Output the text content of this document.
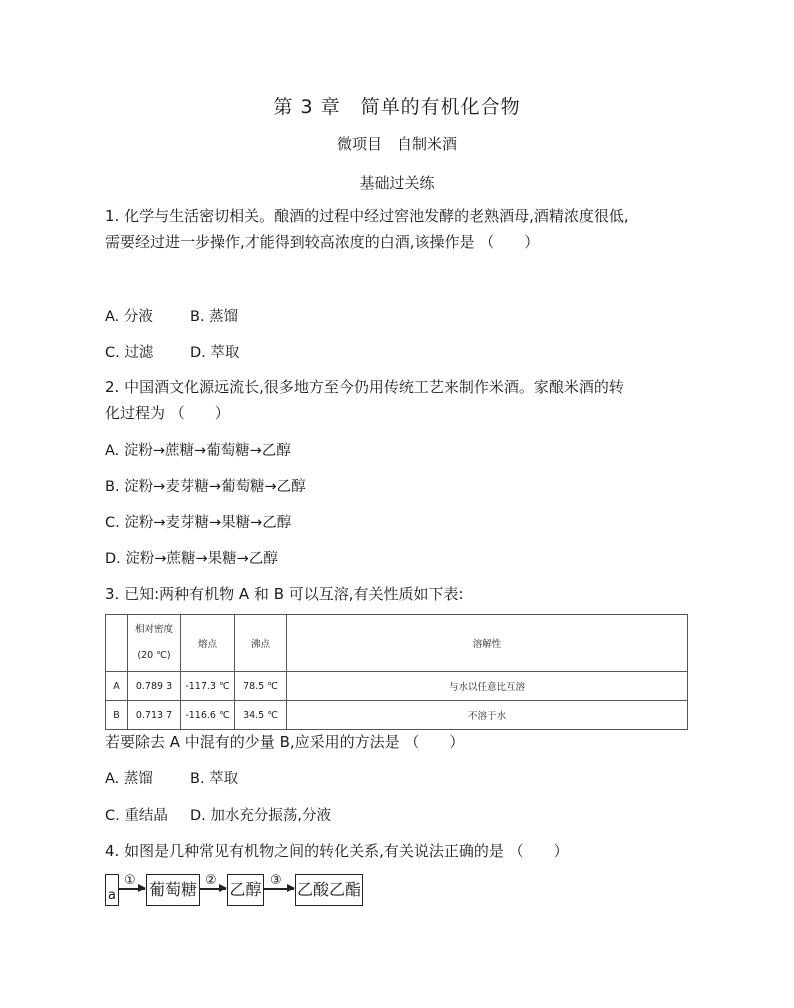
第 3 章　简单的有机化合物
微项目　自制米酒
基础过关练
1. 化学与生活密切相关。酿酒的过程中经过窖池发酵的老熟酒母,酒精浓度很低,
需要经过进一步操作,才能得到较高浓度的白酒,该操作是 （　　）
A. 分液	B. 蒸馏
C. 过滤	D. 萃取
2. 中国酒文化源远流长,很多地方至今仍用传统工艺来制作米酒。家酿米酒的转
化过程为 （　　）
A. 淀粉→蔗糖→葡萄糖→乙醇
B. 淀粉→麦芽糖→葡萄糖→乙醇
C. 淀粉→麦芽糖→果糖→乙醇
D. 淀粉→蔗糖→果糖→乙醇
3. 已知:两种有机物 A 和 B 可以互溶,有关性质如下表:

	相对密度
(20 ℃)	熔点	沸点	溶解性
A	0.789 3	-117.3 ℃	78.5 ℃	与水以任意比互溶
B	0.713 7	-116.6 ℃	34.5 ℃	不溶于水
若要除去 A 中混有的少量 B,应采用的方法是 （　　）
A. 蒸馏	B. 萃取
C. 重结晶 D. 加水充分振荡,分液
4. 如图是几种常见有机物之间的转化关系,有关说法正确的是 （　　）
a
① 葡萄糖 ② 乙醇 ③ 乙酸乙酯
